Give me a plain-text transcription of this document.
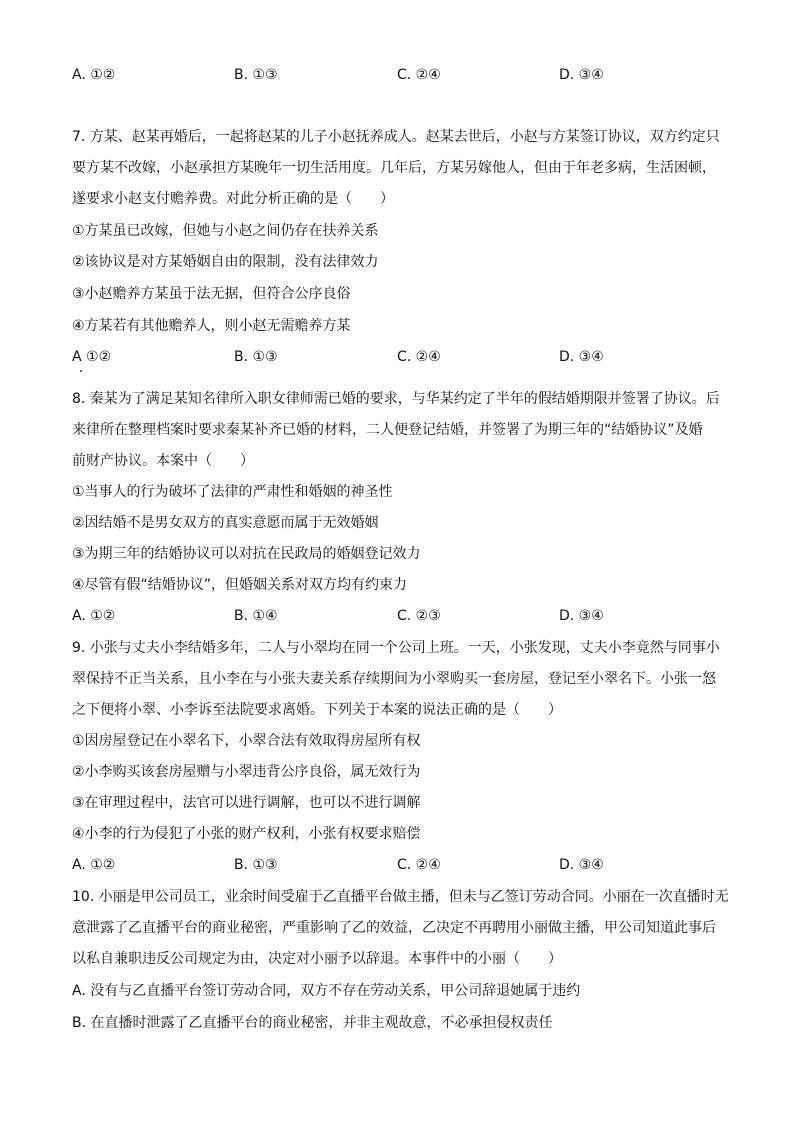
A. ①②	B. ①③	C. ②④	D. ③④
7. 方某、赵某再婚后，一起将赵某的儿子小赵抚养成人。赵某去世后，小赵与方某签订协议，双方约定只
要方某不改嫁，小赵承担方某晚年一切生活用度。几年后，方某另嫁他人，但由于年老多病，生活困顿，
遂要求小赵支付赡养费。对此分析正确的是（　　）
①方某虽已改嫁，但她与小赵之间仍存在扶养关系
②该协议是对方某婚姻自由的限制，没有法律效力
③小赵赡养方某虽于法无据，但符合公序良俗
④方某若有其他赡养人，则小赵无需赡养方某
A ①②	B. ①③	C. ②④	D. ③④
8. 秦某为了满足某知名律所入职女律师需已婚的要求，与华某约定了半年的假结婚期限并签署了协议。后
来律所在整理档案时要求秦某补齐已婚的材料，二人便登记结婚，并签署了为期三年的“结婚协议”及婚
前财产协议。本案中（　　）
①当事人的行为破坏了法律的严肃性和婚姻的神圣性
②因结婚不是男女双方的真实意愿而属于无效婚姻
③为期三年的结婚协议可以对抗在民政局的婚姻登记效力
④尽管有假“结婚协议”，但婚姻关系对双方均有约束力
A. ①②	B. ①④	C. ②③	D. ③④
9. 小张与丈夫小李结婚多年，二人与小翠均在同一个公司上班。一天，小张发现，丈夫小李竟然与同事小
翠保持不正当关系，且小李在与小张夫妻关系存续期间为小翠购买一套房屋，登记至小翠名下。小张一怒
之下便将小翠、小李诉至法院要求离婚。下列关于本案的说法正确的是（　　）
①因房屋登记在小翠名下，小翠合法有效取得房屋所有权
②小李购买该套房屋赠与小翠违背公序良俗，属无效行为
③在审理过程中，法官可以进行调解，也可以不进行调解
④小李的行为侵犯了小张的财产权利，小张有权要求赔偿
A. ①②	B. ①③	C. ②④	D. ③④
10. 小丽是甲公司员工，业余时间受雇于乙直播平台做主播，但未与乙签订劳动合同。小丽在一次直播时无
意泄露了乙直播平台的商业秘密，严重影响了乙的效益，乙决定不再聘用小丽做主播，甲公司知道此事后
以私自兼职违反公司规定为由，决定对小丽予以辞退。本事件中的小丽（　　）
A. 没有与乙直播平台签订劳动合同，双方不存在劳动关系，甲公司辞退她属于违约
B. 在直播时泄露了乙直播平台的商业秘密，并非主观故意，不必承担侵权责任
